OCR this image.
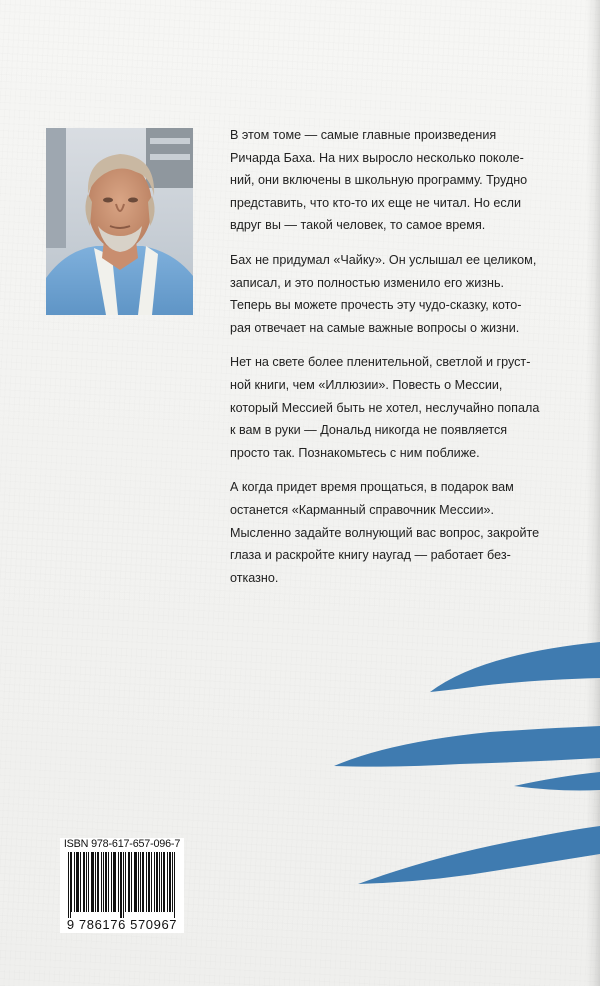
В этом томе — самые главные произведения
Ричарда Баха. На них выросло несколько поколе-
ний, они включены в школьную программу. Трудно
представить, что кто-то их еще не читал. Но если
вдруг вы — такой человек, то самое время.

Бах не придумал «Чайку». Он услышал ее целиком,
записал, и это полностью изменило его жизнь.
Теперь вы можете прочесть эту чудо-сказку, кото-
рая отвечает на самые важные вопросы о жизни.

Нет на свете более пленительной, светлой и груст-
ной книги, чем «Иллюзии». Повесть о Мессии,
который Мессией быть не хотел, неслучайно попала
к вам в руки — Дональд никогда не появляется
просто так. Познакомьтесь с ним поближе.

А когда придет время прощаться, в подарок вам
останется «Карманный справочник Мессии».
Мысленно задайте волнующий вас вопрос, закройте
глаза и раскройте книгу наугад — работает без-
отказно.

ISBN 978-617-657-096-7
9 786176 570967
